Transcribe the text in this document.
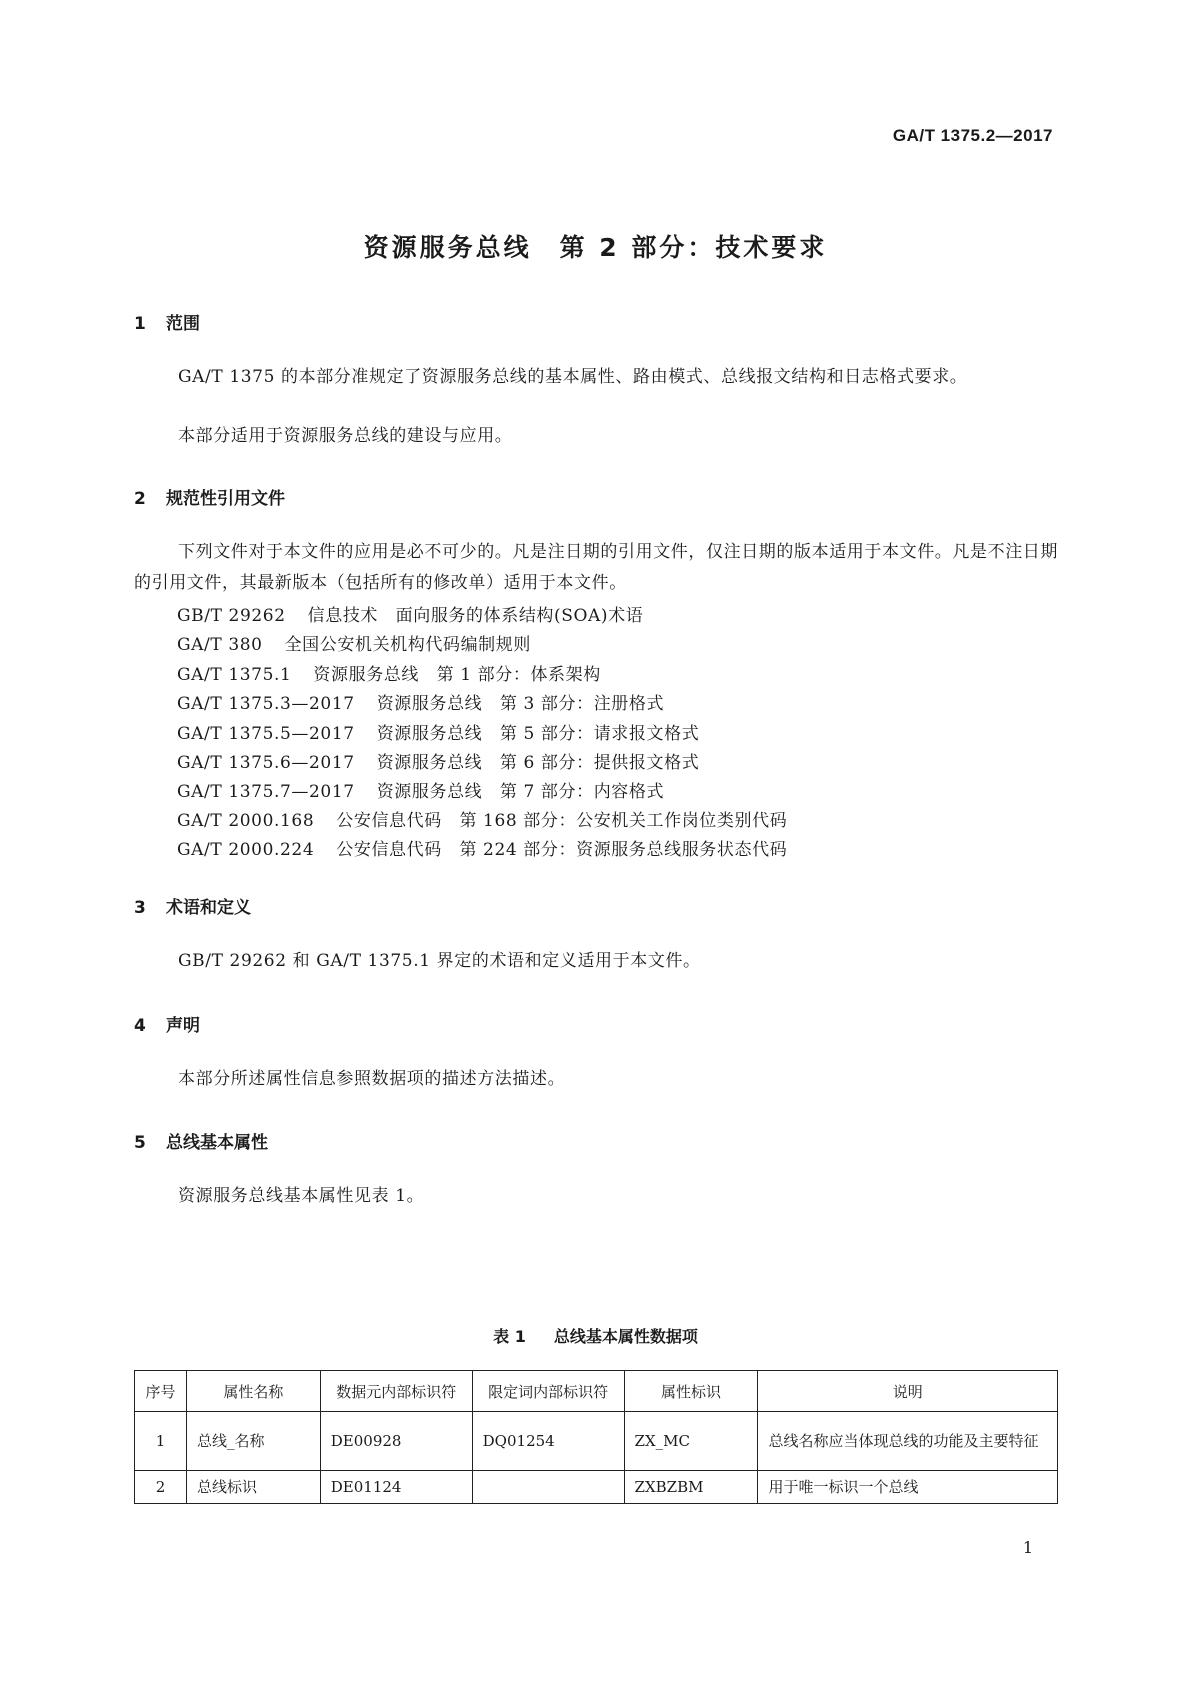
GA/T 1375.2—2017
资源服务总线　第 2 部分：技术要求
1 范围
GA/T 1375 的本部分准规定了资源服务总线的基本属性、路由模式、总线报文结构和日志格式要求。
本部分适用于资源服务总线的建设与应用。
2 规范性引用文件
下列文件对于本文件的应用是必不可少的。凡是注日期的引用文件，仅注日期的版本适用于本文件。凡是不注日期的引用文件，其最新版本（包括所有的修改单）适用于本文件。
GB/T 29262 信息技术　面向服务的体系结构(SOA)术语
GA/T 380 全国公安机关机构代码编制规则
GA/T 1375.1 资源服务总线　第 1 部分：体系架构
GA/T 1375.3—2017 资源服务总线　第 3 部分：注册格式
GA/T 1375.5—2017 资源服务总线　第 5 部分：请求报文格式
GA/T 1375.6—2017 资源服务总线　第 6 部分：提供报文格式
GA/T 1375.7—2017 资源服务总线　第 7 部分：内容格式
GA/T 2000.168 公安信息代码　第 168 部分：公安机关工作岗位类别代码
GA/T 2000.224 公安信息代码　第 224 部分：资源服务总线服务状态代码
3 术语和定义
GB/T 29262 和 GA/T 1375.1 界定的术语和定义适用于本文件。
4 声明
本部分所述属性信息参照数据项的描述方法描述。
5 总线基本属性
资源服务总线基本属性见表 1。
表 1 总线基本属性数据项
序号	属性名称	数据元内部标识符	限定词内部标识符	属性标识	说明
1	总线_名称	DE00928	DQ01254	ZX_MC	总线名称应当体现总线的功能及主要特征
2	总线标识	DE01124		ZXBZBM	用于唯一标识一个总线
1
